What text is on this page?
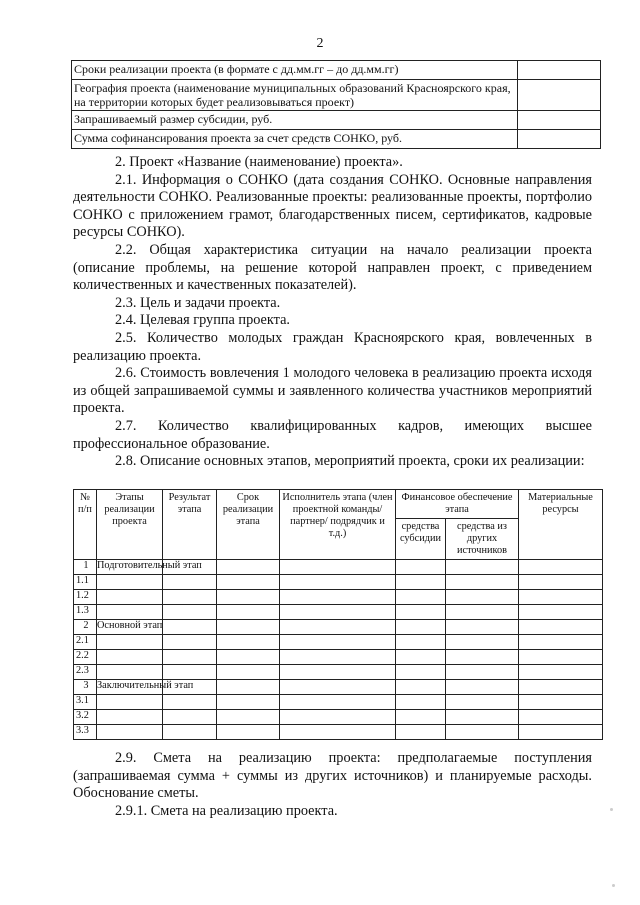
2
Сроки реализации проекта (в формате с дд.мм.гг – до дд.мм.гг)	
География проекта (наименование муниципальных образований Красноярского края, на территории которых будет реализовываться проект)	
Запрашиваемый размер субсидии, руб.	
Сумма софинансирования проекта за счет средств СОНКО, руб.	

2. Проект «Название (наименование) проекта».

2.1. Информация о СОНКО (дата создания СОНКО. Основные направления деятельности СОНКО. Реализованные проекты: реализованные проекты, портфолио СОНКО с приложением грамот, благодарственных писем, сертификатов, кадровые ресурсы СОНКО).

2.2. Общая характеристика ситуации на начало реализации проекта (описание проблемы, на решение которой направлен проект, с приведением количественных и качественных показателей).

2.3. Цель и задачи проекта.

2.4. Целевая группа проекта.

2.5. Количество молодых граждан Красноярского края, вовлеченных в реализацию проекта.

2.6. Стоимость вовлечения 1 молодого человека в реализацию проекта исходя из общей запрашиваемой суммы и заявленного количества участников мероприятий проекта.

2.7. Количество квалифицированных кадров, имеющих высшее профессиональное образование.

2.8. Описание основных этапов, мероприятий проекта, сроки их реализации:

№ п/п	Этапы реализации проекта	Результат этапа	Срок реализации этапа	Исполнитель этапа (член проектной команды/партнер/ подрядчик и т.д.)	Финансовое обеспечение этапа		Материальные ресурсы
					средства субсидии	средства из других источников	
1	Подготовительный этап						
1.1							
1.2							
1.3							
2	Основной этап						
2.1							
2.2							
2.3							
3	Заключительный этап						
3.1							
3.2							
3.3							

2.9. Смета на реализацию проекта: предполагаемые поступления (запрашиваемая сумма + суммы из других источников) и планируемые расходы. Обоснование сметы.

2.9.1. Смета на реализацию проекта.
